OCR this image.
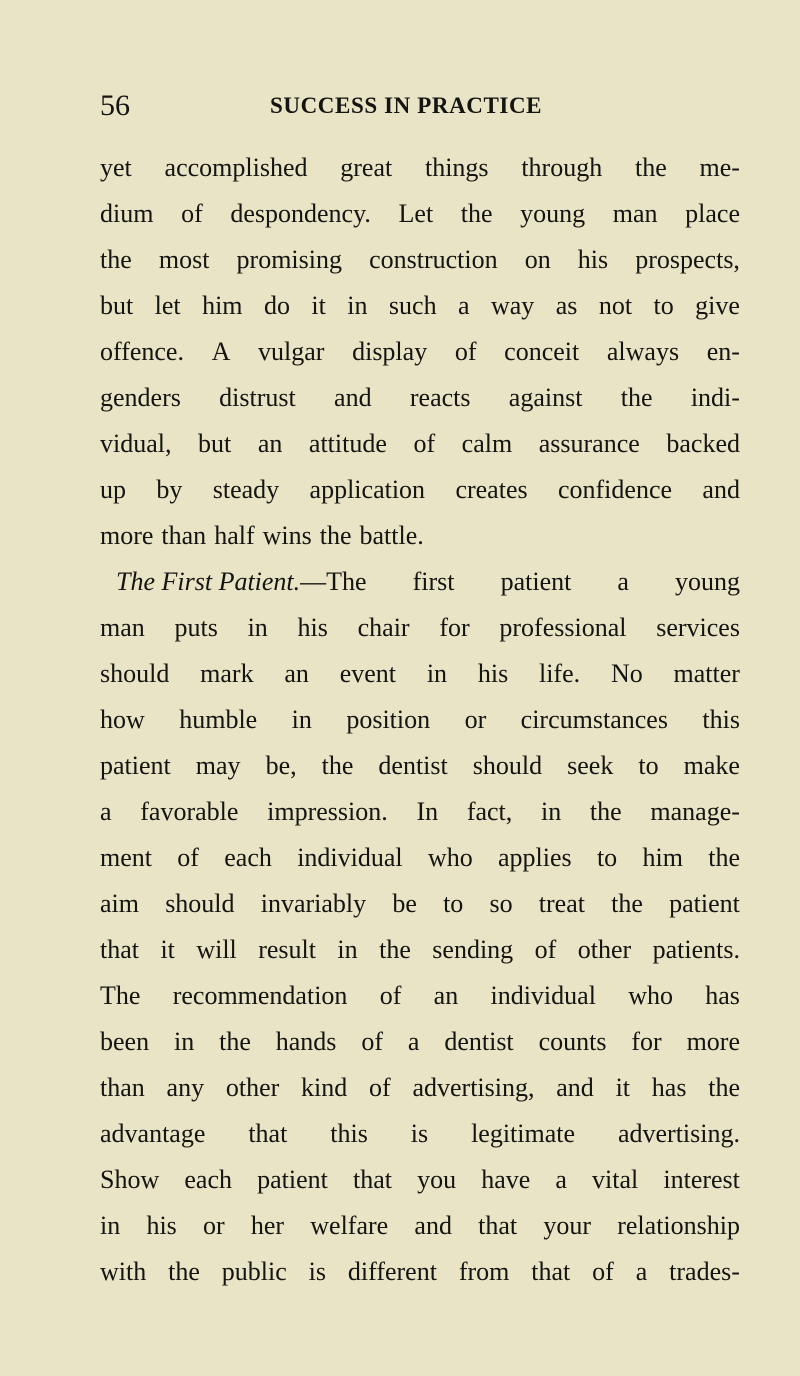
56	SUCCESS IN PRACTICE
yet accomplished great things through the me-
dium of despondency. Let the young man place
the most promising construction on his prospects,
but let him do it in such a way as not to give
offence. A vulgar display of conceit always en-
genders distrust and reacts against the indi-
vidual, but an attitude of calm assurance backed
up by steady application creates confidence and
more than half wins the battle.
The First Patient.—The first patient a young
man puts in his chair for professional services
should mark an event in his life. No matter
how humble in position or circumstances this
patient may be, the dentist should seek to make
a favorable impression. In fact, in the manage-
ment of each individual who applies to him the
aim should invariably be to so treat the patient
that it will result in the sending of other patients.
The recommendation of an individual who has
been in the hands of a dentist counts for more
than any other kind of advertising, and it has the
advantage that this is legitimate advertising.
Show each patient that you have a vital interest
in his or her welfare and that your relationship
with the public is different from that of a trades-
